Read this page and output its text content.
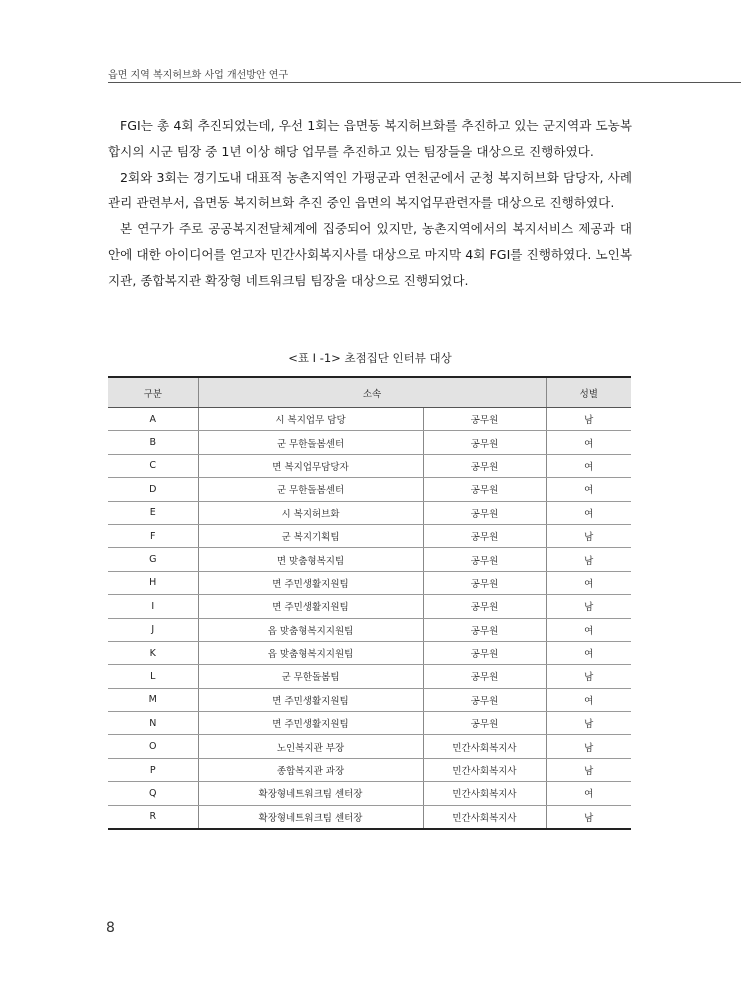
읍면 지역 복지허브화 사업 개선방안 연구

FGI는 총 4회 추진되었는데, 우선 1회는 읍면동 복지허브화를 추진하고 있는 군지역과 도농복합시의 시군 팀장 중 1년 이상 해당 업무를 추진하고 있는 팀장들을 대상으로 진행하였다.

2회와 3회는 경기도내 대표적 농촌지역인 가평군과 연천군에서 군청 복지허브화 담당자, 사례관리 관련부서, 읍면동 복지허브화 추진 중인 읍면의 복지업무관련자를 대상으로 진행하였다.

본 연구가 주로 공공복지전달체계에 집중되어 있지만, 농촌지역에서의 복지서비스 제공과 대안에 대한 아이디어를 얻고자 민간사회복지사를 대상으로 마지막 4회 FGI를 진행하였다. 노인복지관, 종합복지관 확장형 네트워크팀 팀장을 대상으로 진행되었다.

<표 Ⅰ -1> 초점집단 인터뷰 대상
구분	소속		성별
A	시 복지업무 담당	공무원	남
B	군 무한돌봄센터	공무원	여
C	면 복지업무담당자	공무원	여
D	군 무한돌봄센터	공무원	여
E	시 복지허브화	공무원	여
F	군 복지기획팀	공무원	남
G	면 맞춤형복지팀	공무원	남
H	면 주민생활지원팀	공무원	여
I	면 주민생활지원팀	공무원	남
J	읍 맞춤형복지지원팀	공무원	여
K	읍 맞춤형복지지원팀	공무원	여
L	군 무한돌봄팀	공무원	남
M	면 주민생활지원팀	공무원	여
N	면 주민생활지원팀	공무원	남
O	노인복지관 부장	민간사회복지사	남
P	종합복지관 과장	민간사회복지사	남
Q	확장형네트워크팀 센터장	민간사회복지사	여
R	확장형네트워크팀 센터장	민간사회복지사	남
8
